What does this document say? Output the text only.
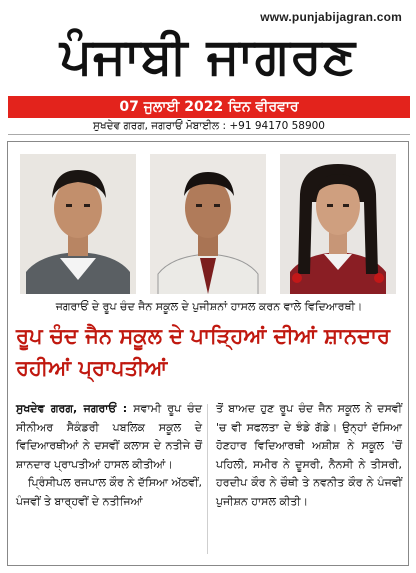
www.punjabijagran.com
ਪੰਜਾਬੀ ਜਾਗਰਣ
07 ਜੁਲਾਈ 2022 ਦਿਨ ਵੀਰਵਾਰ
ਸੁਖਦੇਵ ਗਰਗ, ਜਗਰਾਓਂ ਮੋਬਾਈਲ : +91 94170 58900
ਜਗਰਾਓਂ ਦੇ ਰੂਪ ਚੰਦ ਜੈਨ ਸਕੂਲ ਦੇ ਪੁਜੀਸ਼ਨਾਂ ਹਾਸਲ ਕਰਨ ਵਾਲੇ ਵਿਦਿਆਰਥੀ।
ਰੂਪ ਚੰਦ ਜੈਨ ਸਕੂਲ ਦੇ ਪਾੜ੍ਹਿਆਂ ਦੀਆਂ ਸ਼ਾਨਦਾਰ ਰਹੀਆਂ ਪ੍ਰਾਪਤੀਆਂ

ਸੁਖਦੇਵ ਗਰਗ, ਜਗਰਾਓਂ : ਸਵਾਮੀ ਰੂਪ ਚੰਦ ਸੀਨੀਅਰ ਸੈਕੰਡਰੀ ਪਬਲਿਕ ਸਕੂਲ ਦੇ ਵਿਦਿਆਰਥੀਆਂ ਨੇ ਦਸਵੀਂ ਕਲਾਸ ਦੇ ਨਤੀਜੇ ਚੋਂ ਸ਼ਾਨਦਾਰ ਪ੍ਰਾਪਤੀਆਂ ਹਾਸਲ ਕੀਤੀਆਂ।

ਪ੍ਰਿੰਸੀਪਲ ਰਜਪਾਲ ਕੌਰ ਨੇ ਦੱਸਿਆ ਅੱਠਵੀਂ, ਪੰਜਵੀਂ ਤੇ ਬਾਰ੍ਹਵੀਂ ਦੇ ਨਤੀਜਿਆਂ

ਤੋਂ ਬਾਅਦ ਹੁਣ ਰੂਪ ਚੰਦ ਜੈਨ ਸਕੂਲ ਨੇ ਦਸਵੀਂ 'ਚ ਵੀ ਸਫਲਤਾ ਦੇ ਝੰਡੇ ਗੱਡੇ। ਉਨ੍ਹਾਂ ਦੱਸਿਆ ਹੋਣਹਾਰ ਵਿਦਿਆਰਥੀ ਅਸ਼ੀਸ਼ ਨੇ ਸਕੂਲ 'ਚੋਂ ਪਹਿਲੀ, ਸਮੀਰ ਨੇ ਦੂਸਰੀ, ਨੈਨਸੀ ਨੇ ਤੀਸਰੀ, ਹਰਦੀਪ ਕੌਰ ਨੇ ਚੌਥੀ ਤੇ ਨਵਨੀਤ ਕੌਰ ਨੇ ਪੰਜਵੀਂ ਪੁਜੀਸ਼ਨ ਹਾਸਲ ਕੀਤੀ।
